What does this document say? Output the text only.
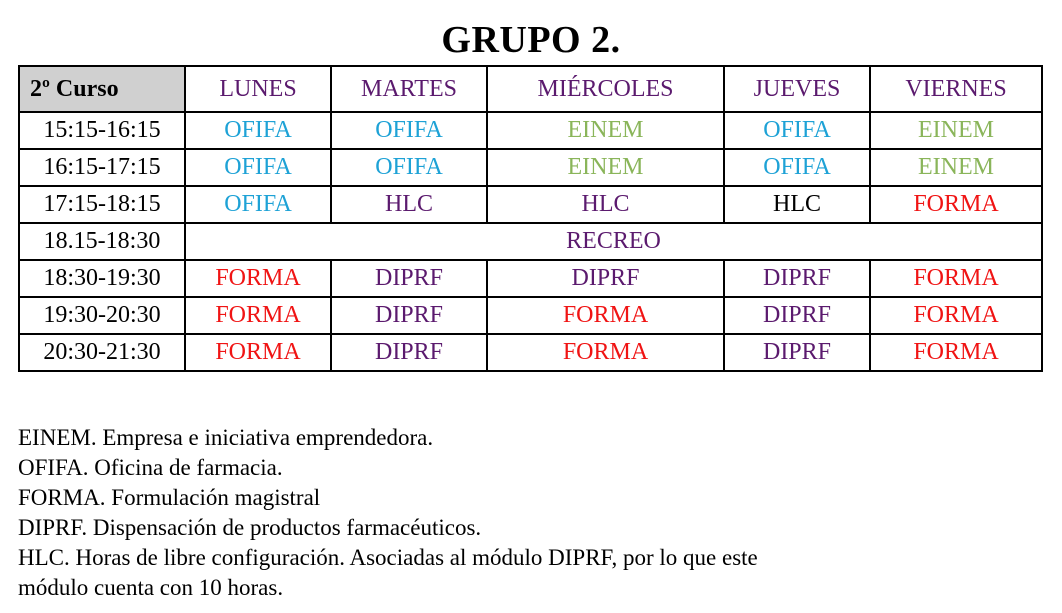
GRUPO 2.
2º Curso	LUNES	MARTES	MIÉRCOLES	JUEVES	VIERNES
15:15-16:15	OFIFA	OFIFA	EINEM	OFIFA	EINEM
16:15-17:15	OFIFA	OFIFA	EINEM	OFIFA	EINEM
17:15-18:15	OFIFA	HLC	HLC	HLC	FORMA
18.15-18:30	RECREO				
18:30-19:30	FORMA	DIPRF	DIPRF	DIPRF	FORMA
19:30-20:30	FORMA	DIPRF	FORMA	DIPRF	FORMA
20:30-21:30	FORMA	DIPRF	FORMA	DIPRF	FORMA
EINEM. Empresa e iniciativa emprendedora.
OFIFA. Oficina de farmacia.
FORMA. Formulación magistral
DIPRF. Dispensación de productos farmacéuticos.
HLC. Horas de libre configuración. Asociadas al módulo DIPRF, por lo que este
módulo cuenta con 10 horas.
